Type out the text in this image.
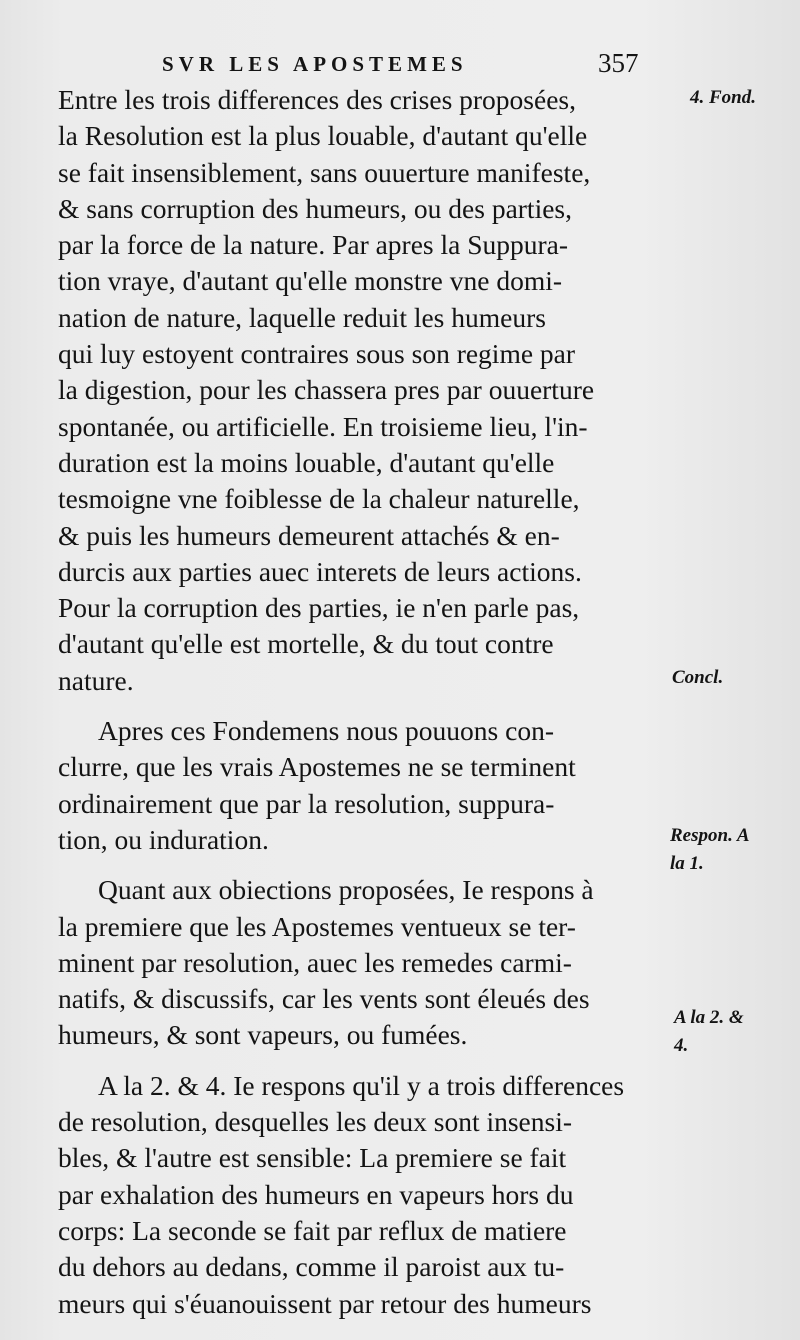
SVR LES APOSTEMES	357
4. Fond.
Concl.
Respon. A la 1.
A la 2. & 4.
Entre les trois differences des crises proposées,
la Resolution est la plus louable, d'autant qu'elle
se fait insensiblement, sans ouuerture manifeste,
& sans corruption des humeurs, ou des parties,
par la force de la nature. Par apres la Suppura-
tion vraye, d'autant qu'elle monstre vne domi-
nation de nature, laquelle reduit les humeurs
qui luy estoyent contraires sous son regime par
la digestion, pour les chassera pres par ouuerture
spontanée, ou artificielle. En troisieme lieu, l'in-
duration est la moins louable, d'autant qu'elle
tesmoigne vne foiblesse de la chaleur naturelle,
& puis les humeurs demeurent attachés & en-
durcis aux parties auec interets de leurs actions.
Pour la corruption des parties, ie n'en parle pas,
d'autant qu'elle est mortelle, & du tout contre
nature.
Apres ces Fondemens nous pouuons con-
clurre, que les vrais Apostemes ne se terminent
ordinairement que par la resolution, suppura-
tion, ou induration.
Quant aux obiections proposées, Ie respons à
la premiere que les Apostemes ventueux se ter-
minent par resolution, auec les remedes carmi-
natifs, & discussifs, car les vents sont éleués des
humeurs, & sont vapeurs, ou fumées.
A la 2. & 4. Ie respons qu'il y a trois differences
de resolution, desquelles les deux sont insensi-
bles, & l'autre est sensible: La premiere se fait
par exhalation des humeurs en vapeurs hors du
corps: La seconde se fait par reflux de matiere
du dehors au dedans, comme il paroist aux tu-
meurs qui s'éuanouissent par retour des humeurs
